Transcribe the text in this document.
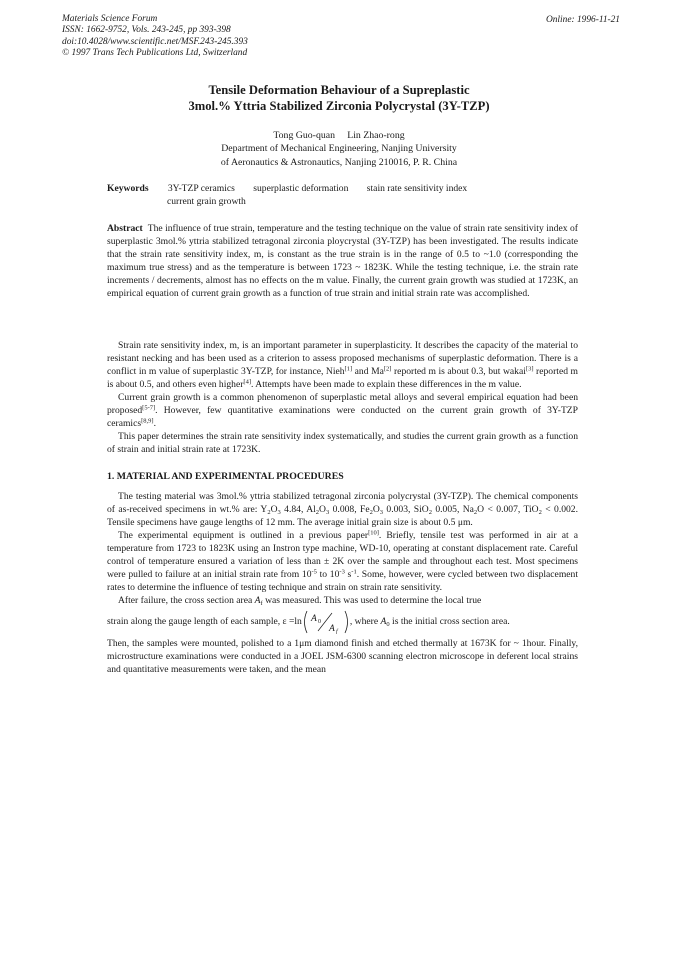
Materials Science Forum
ISSN: 1662-9752, Vols. 243-245, pp 393-398
doi:10.4028/www.scientific.net/MSF.243-245.393
© 1997 Trans Tech Publications Ltd, Switzerland
Online: 1996-11-21
Tensile Deformation Behaviour of a Supreplastic
3mol.% Yttria Stabilized Zirconia Polycrystal (3Y-TZP)
Tong Guo-quan     Lin Zhao-rong
Department of Mechanical Engineering, Nanjing University
of Aeronautics & Astronautics, Nanjing 210016, P. R. China
Keywords 3Y-TZP ceramics superplastic deformation stain rate sensitivity index
current grain growth
Abstract The influence of true strain, temperature and the testing technique on the value of strain rate sensitivity index of superplastic 3mol.% yttria stabilized tetragonal zirconia ploycrystal (3Y-TZP) has been investigated. The results indicate that the strain rate sensitivity index, m, is constant as the true strain is in the range of 0.5 to ~1.0 (corresponding the maximum true stress) and as the temperature is between 1723 ~ 1823K. While the testing technique, i.e. the strain rate increments / decrements, almost has no effects on the m value. Finally, the current grain growth was studied at 1723K, an empirical equation of current grain growth as a function of true strain and initial strain rate was accomplished.

Strain rate sensitivity index, m, is an important parameter in superplasticity. It describes the capacity of the material to resistant necking and has been used as a criterion to assess proposed mechanisms of superplastic deformation. There is a conflict in m value of superplastic 3Y-TZP, for instance, Nieh[1] and Ma[2] reported m is about 0.3, but wakai[3] reported m is about 0.5, and others even higher[4]. Attempts have been made to explain these differences in the m value.

Current grain growth is a common phenomenon of superplastic metal alloys and several empirical equation had been proposed[5-7]. However, few quantitative examinations were conducted on the current grain growth of 3Y-TZP ceramics[8,9].

This paper determines the strain rate sensitivity index systematically, and studies the current grain growth as a function of strain and initial strain rate at 1723K.

1. MATERIAL AND EXPERIMENTAL PROCEDURES

The testing material was 3mol.% yttria stabilized tetragonal zirconia polycrystal (3Y-TZP). The chemical components of as-received specimens in wt.% are: $Y_2O_3$ 4.84, $Al_2O_3$ 0.008, $Fe_2O_3$ 0.003, SiO$_2$ 0.005, $Na_2O < 0.007$, TiO$_2$ < 0.002. Tensile specimens have gauge lengths of 12 mm. The average initial grain size is about 0.5 μm.

The experimental equipment is outlined in a previous paper[10]. Briefly, tensile test was performed in air at a temperature from 1723 to 1823K using an Instron type machine, WD-10, operating at constant displacement rate. Careful control of temperature ensured a variation of less than ± 2K over the sample and throughout each test. Most specimens were pulled to failure at an initial strain rate from $10^{-5}$ to $10^{-3}$ $s^{-1}$. Some, however, were cycled between two displacement rates to determine the influence of testing technique and strain on strain rate sensitivity.

After failure, the cross section area $A_f$ was measured. This was used to determine the local true

strain along the gauge length of each sample, ε =ln A 0
A f
, where $A_0$ is the initial cross section area.

Then, the samples were mounted, polished to a 1μm diamond finish and etched thermally at 1673K for ~ 1hour. Finally, microstructure examinations were conducted in a JOEL JSM-6300 scanning electron microscope in deferent local strains and quantitative measurements were taken, and the mean
